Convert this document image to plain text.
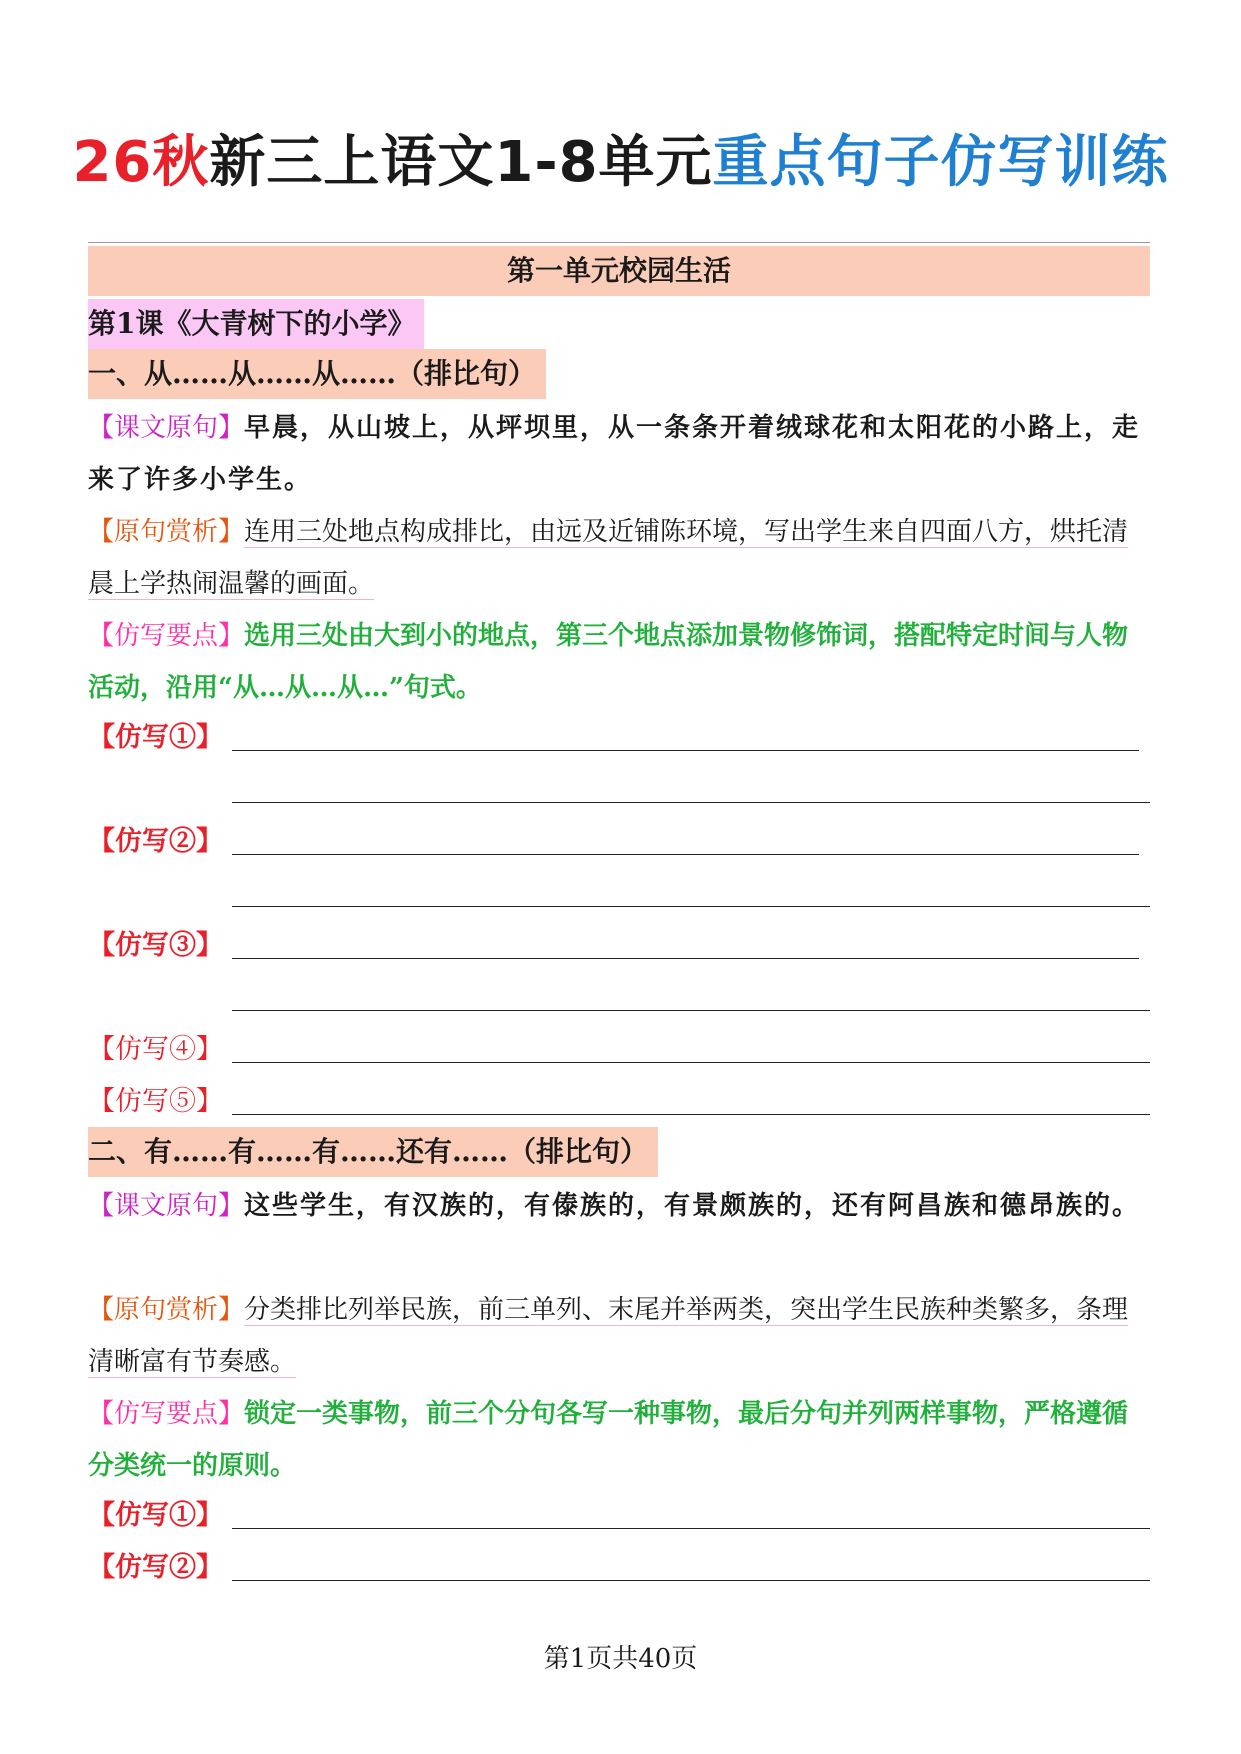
26秋新三上语文1-8单元重点句子仿写训练
第一单元校园生活
第1课《大青树下的小学》
一、从……从……从……（排比句）
【课文原句】早晨，从山坡上，从坪坝里，从一条条开着绒球花和太阳花的小路上，走来了许多小学生。
【原句赏析】连用三处地点构成排比，由远及近铺陈环境，写出学生来自四面八方，烘托清晨上学热闹温馨的画面。
【仿写要点】选用三处由大到小的地点，第三个地点添加景物修饰词，搭配特定时间与人物活动，沿用“从…从…从…”句式。
【仿写①】
【仿写②】
【仿写③】
【仿写④】
【仿写⑤】
二、有……有……有……还有……（排比句）
【课文原句】这些学生，有汉族的，有傣族的，有景颇族的，还有阿昌族和德昂族的。
【原句赏析】分类排比列举民族，前三单列、末尾并举两类，突出学生民族种类繁多，条理清晰富有节奏感。
【仿写要点】锁定一类事物，前三个分句各写一种事物，最后分句并列两样事物，严格遵循分类统一的原则。
【仿写①】
【仿写②】
第1页共40页
